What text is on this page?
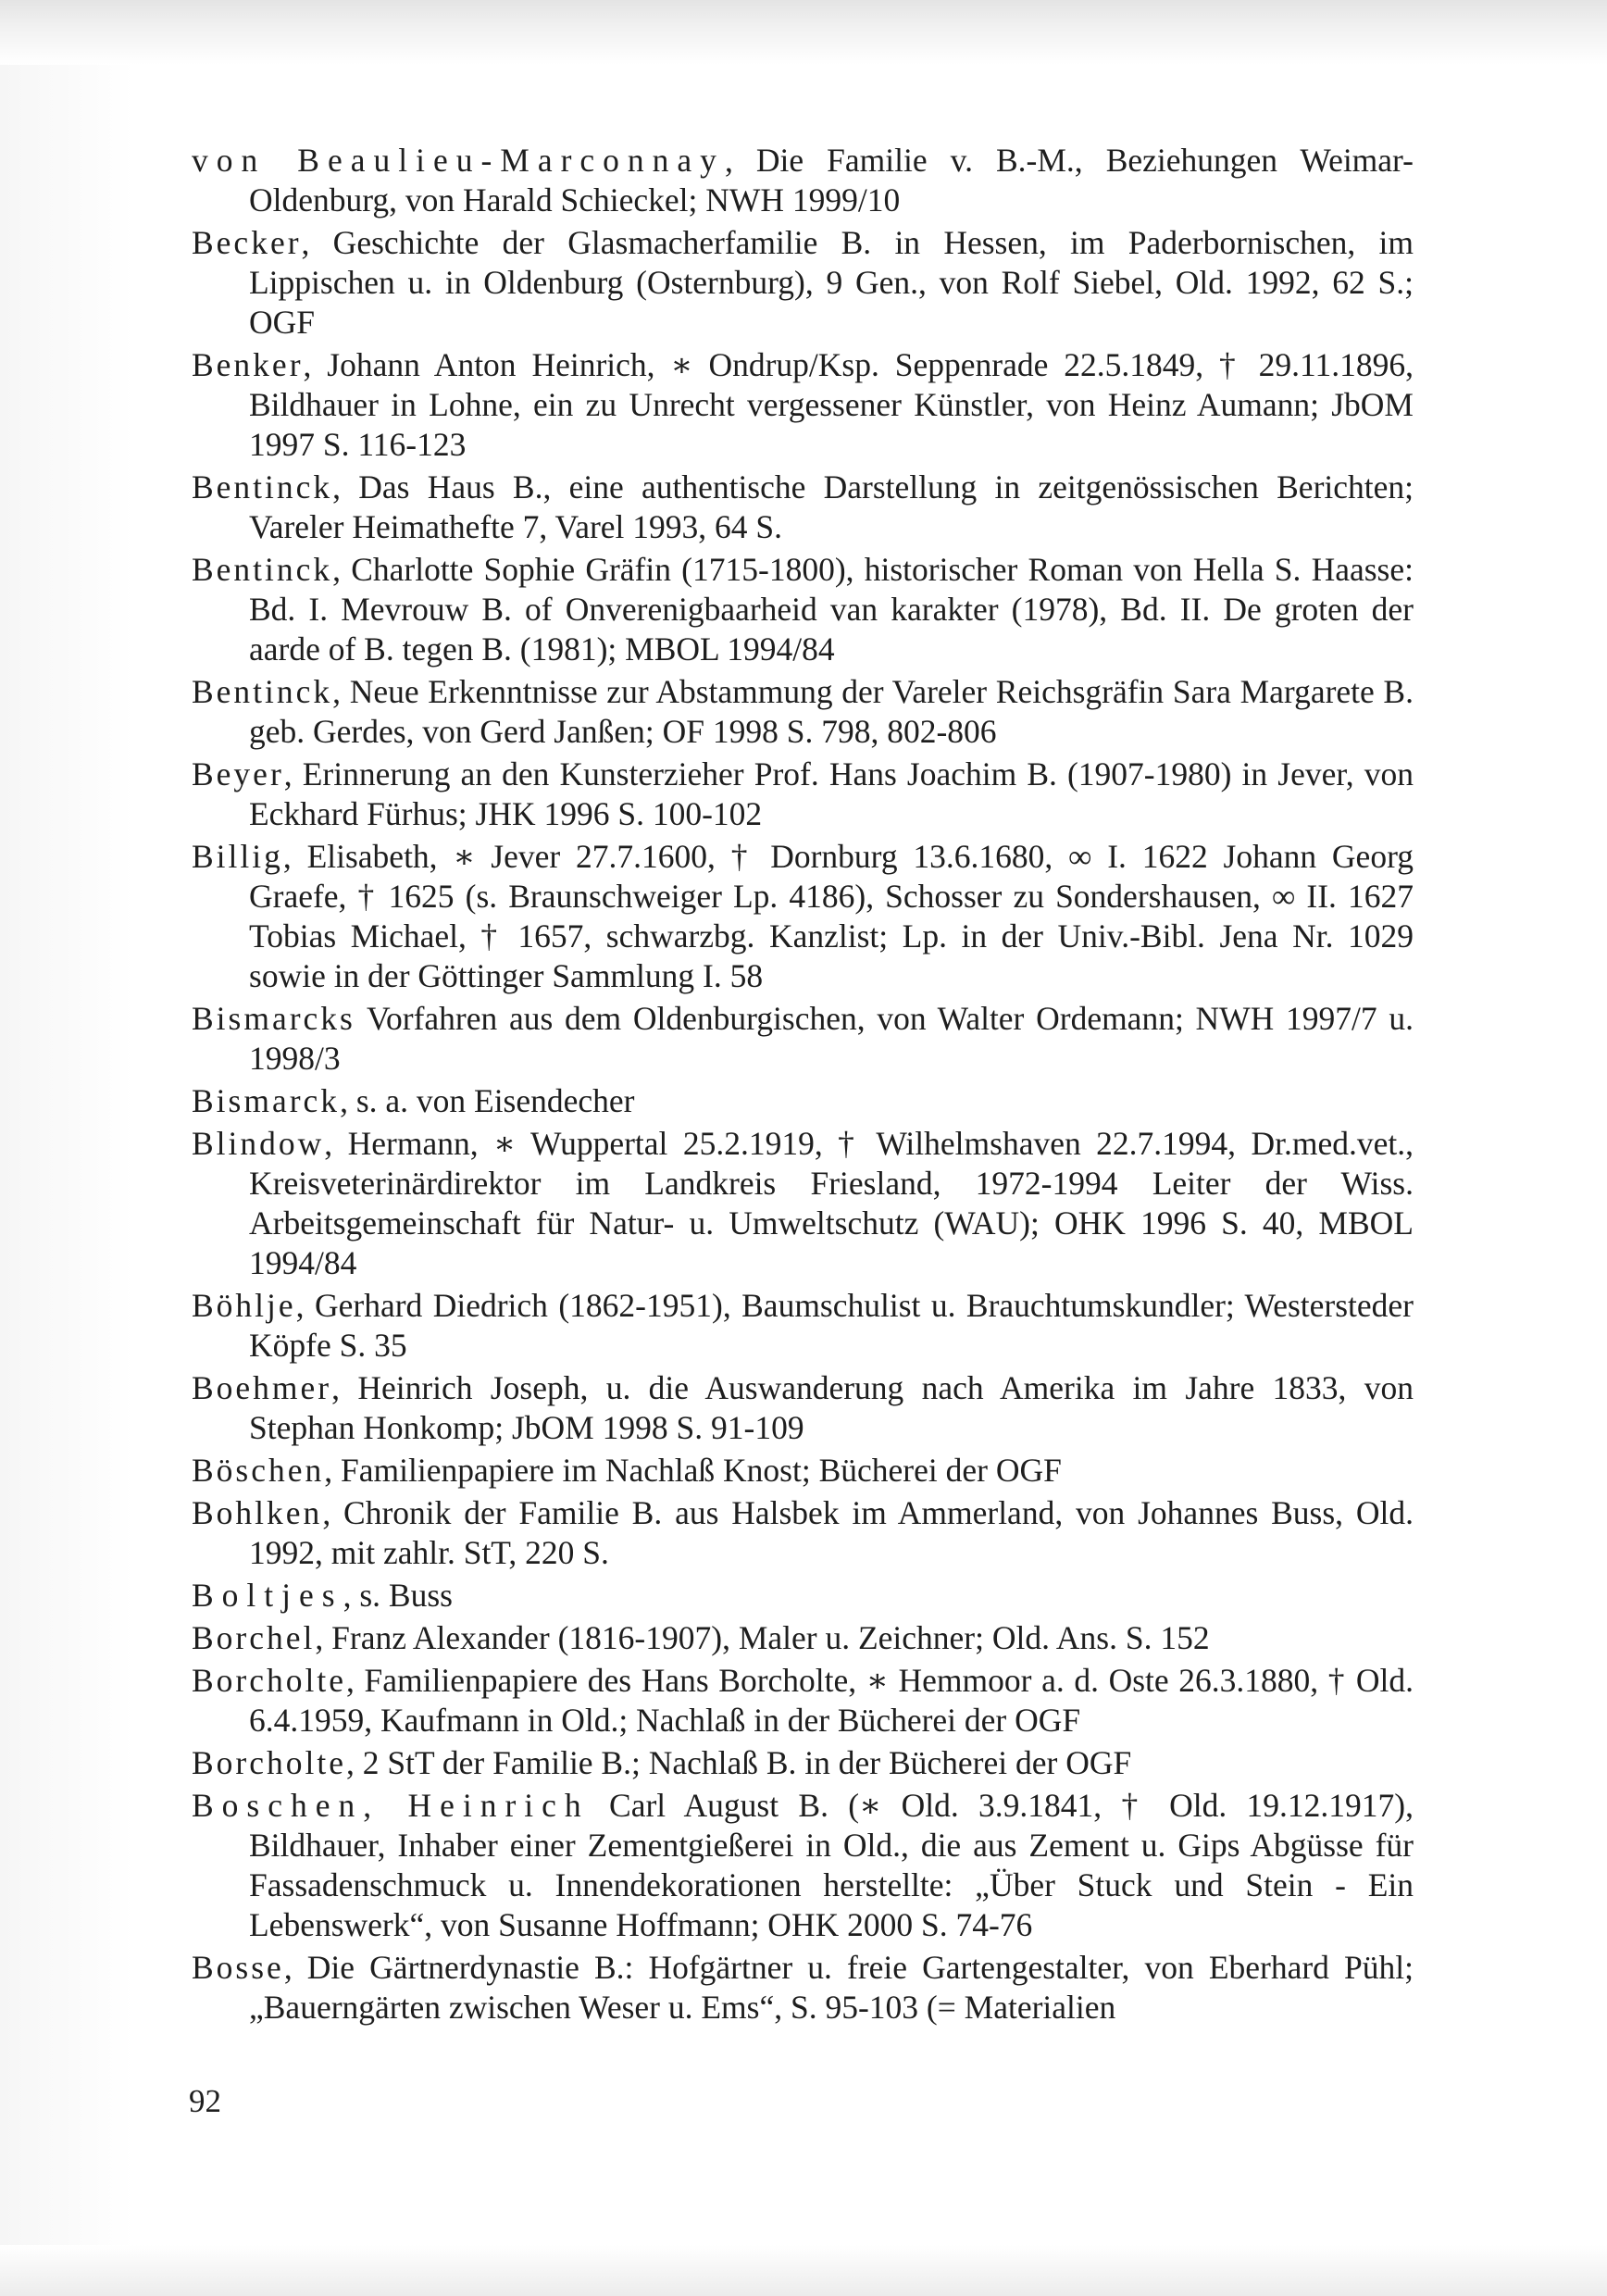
von Beaulieu-Marconnay, Die Familie v. B.-M., Beziehungen Weimar-Oldenburg, von Harald Schieckel; NWH 1999/10

Becker, Geschichte der Glasmacherfamilie B. in Hessen, im Paderbornischen, im Lippischen u. in Oldenburg (Osternburg), 9 Gen., von Rolf Siebel, Old. 1992, 62 S.; OGF

Benker, Johann Anton Heinrich, ∗ Ondrup/Ksp. Seppenrade 22.5.1849, † 29.11.1896, Bildhauer in Lohne, ein zu Unrecht vergessener Künstler, von Heinz Aumann; JbOM 1997 S. 116-123

Bentinck, Das Haus B., eine authentische Darstellung in zeitgenössischen Berichten; Vareler Heimathefte 7, Varel 1993, 64 S.

Bentinck, Charlotte Sophie Gräfin (1715-1800), historischer Roman von Hella S. Haasse: Bd. I. Mevrouw B. of Onverenigbaarheid van karakter (1978), Bd. II. De groten der aarde of B. tegen B. (1981); MBOL 1994/84

Bentinck, Neue Erkenntnisse zur Abstammung der Vareler Reichsgräfin Sara Margarete B. geb. Gerdes, von Gerd Janßen; OF 1998 S. 798, 802-806

Beyer, Erinnerung an den Kunsterzieher Prof. Hans Joachim B. (1907-1980) in Jever, von Eckhard Fürhus; JHK 1996 S. 100-102

Billig, Elisabeth, ∗ Jever 27.7.1600, † Dornburg 13.6.1680, ∞ I. 1622 Johann Georg Graefe, † 1625 (s. Braunschweiger Lp. 4186), Schosser zu Sondershausen, ∞ II. 1627 Tobias Michael, † 1657, schwarzbg. Kanzlist; Lp. in der Univ.-Bibl. Jena Nr. 1029 sowie in der Göttinger Sammlung I. 58

Bismarcks Vorfahren aus dem Oldenburgischen, von Walter Ordemann; NWH 1997/7 u. 1998/3

Bismarck, s. a. von Eisendecher

Blindow, Hermann, ∗ Wuppertal 25.2.1919, † Wilhelmshaven 22.7.1994, Dr.med.vet., Kreisveterinärdirektor im Landkreis Friesland, 1972-1994 Leiter der Wiss. Arbeitsgemeinschaft für Natur- u. Umweltschutz (WAU); OHK 1996 S. 40, MBOL 1994/84

Böhlje, Gerhard Diedrich (1862-1951), Baumschulist u. Brauchtumskundler; Westersteder Köpfe S. 35

Boehmer, Heinrich Joseph, u. die Auswanderung nach Amerika im Jahre 1833, von Stephan Honkomp; JbOM 1998 S. 91-109

Böschen, Familienpapiere im Nachlaß Knost; Bücherei der OGF

Bohlken, Chronik der Familie B. aus Halsbek im Ammerland, von Johannes Buss, Old. 1992, mit zahlr. StT, 220 S.

Boltjes, s. Buss

Borchel, Franz Alexander (1816-1907), Maler u. Zeichner; Old. Ans. S. 152

Borcholte, Familienpapiere des Hans Borcholte, ∗ Hemmoor a. d. Oste 26.3.1880, † Old. 6.4.1959, Kaufmann in Old.; Nachlaß in der Bücherei der OGF

Borcholte, 2 StT der Familie B.; Nachlaß B. in der Bücherei der OGF

Boschen, Heinrich Carl August B. (∗ Old. 3.9.1841, † Old. 19.12.1917), Bildhauer, Inhaber einer Zementgießerei in Old., die aus Zement u. Gips Abgüsse für Fassadenschmuck u. Innendekorationen herstellte: „Über Stuck und Stein - Ein Lebenswerk“, von Susanne Hoffmann; OHK 2000 S. 74-76

Bosse, Die Gärtnerdynastie B.: Hofgärtner u. freie Gartengestalter, von Eberhard Pühl; „Bauerngärten zwischen Weser u. Ems“, S. 95-103 (= Materialien

92
